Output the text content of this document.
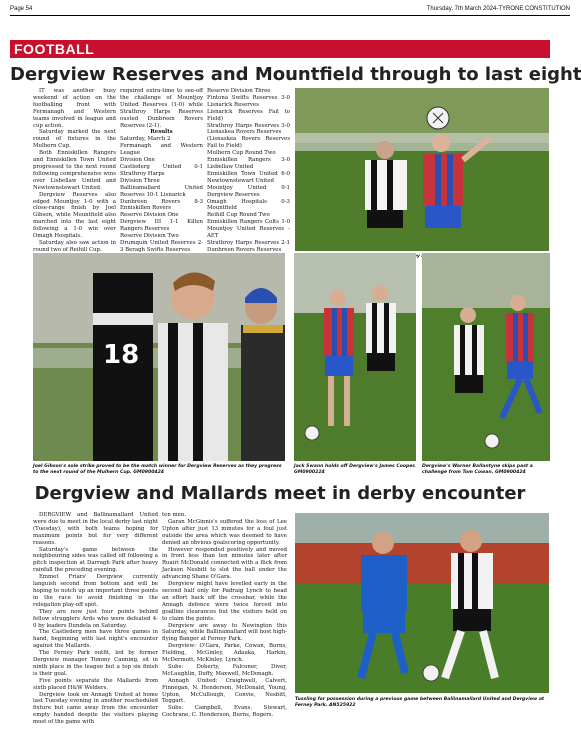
Page 54	Thursday, 7th March 2024-TYRONE CONSTITUTION
FOOTBALL
Dergview Reserves and Mountfield through to last eight

IT was another busy weekend of action on the footballing front with Fermanagh and Western teams involved in league and cup action.

Saturday marked the next round of fixtures in the Mulhern Cup.

Both Enniskillen Rangers and Enniskillen Town United progressed to the next round following comprehensive wins over Lisbellaw United and Newtownstewart United.

Dergview Reserves also edged Mountjoy 1-0 with a close-range finish by Joel Gibson, while Mountfield also marched into the last eight following a 1-0 win over Omagh Hospitals.

Saturday also saw action in round two of Reihill Cup.

required extra-time to see-off the challenge of Mountjoy United Reserves (1-0) while Strathroy Harps Reserves ousted Dunbreen Rovers Reserves (2-1).

Results

Saturday, March 2

Fermanagh and Western League

Division One

Castlederg United 0-1 Strathroy Harps

Division Three

Ballinamallard United Reserves 10-1 Lisnarick

Dunbreen Rovers 8-3 Enniskillen Rovers

Reserve Division One

Dergview III 1-1 Killen Rangers Reserves

Reserve Division Two

Drumquin United Reserves 2-3 Beragh Swifts Reserves

Reserve Division Three

Fintona Swifts Reserves 3-0 Lisnarick Reserves

Lisnarick Reserves Fail to Field)

Strathroy Harps Reserves 3-0 Lisnaskea Rovers Reserves

(Lisnaskea Rovers Reserves Fail to Field)

Mulhern Cup Round Two

Enniskillen Rangers 3-0 Lisbellaw United

Enniskillen Town United 6-0 Newtownstewart United

Mountjoy United 0-1 Dergview Reserves

Omagh Hospitals 0-3 Mountfield

Reihill Cup Round Two

Enniskillen Rangers Colts 1-0 Mountjoy United Reserves - AET

Strathroy Harps Reserves 2-1 Dunbreen Rovers Reserves

18
Joel Gibson's sole strike proved to be the match winner for Dergview Reserves as they progress to the next round of the Mulhern Cup. GM0900424
Jack Swann holds off Dergview's James Cooper. GM0900224
Dergview's Warner Ballantyne skips past a challenge from Tom Cowan. GM0900424
Dergview and Mallards meet in derby encounter

DERGVIEW and Ballinamallard United were due to meet in the local derby last night (Tuesday), with both teams hoping for maximum points but for very different reasons.

Saturday's game between the neighbouring sides was called off following a pitch inspection at Darragh Park after heavy rainfall the preceding evening.

Emmet Friars' Dergview currently languish second from bottom and will be hoping to notch up an important three points in the race to avoid finishing in the relegation play-off spot.

They are now just four points behind fellow strugglers Ards who were defeated 4-0 by leaders Dundela on Saturday.

The Castlederg men have three games in hand, beginning with last night's encounter against the Mallards.

The Ferney Park outfit, led by former Dergview manager Tommy Canning, sit in ninth place in the league but a top six finish is their goal.

Five points separate the Mallards from sixth placed H&W Welders.

Dergview took on Annagh United at home last Tuesday evening in another rescheduled fixture but came away from the encounter empty handed despite the visitors playing most of the game with

ten men.

Garan McGinnis's suffered the loss of Lee Upton after just 13 minutes for a foul just outside the area which was deemed to have denied an obvious goalscoring opportunity.

However responded positively and moved in front less than ten minutes later after Ruairi McDonald connected with a flick from Jackson Nesbitt to slot the ball under the advancing Shane O'Gara.

Dergview might have levelled early in the second half only for Padraig Lynch to head an effort back off the crossbar, while the Annagh defence were twice forced into goalline clearances but the visitors held on to claim the points.

Dergview are away to Newington this Saturday, while Ballinamallard will host high-flying Banger at Ferney Park.

Dergview: O'Gara, Parke, Cowan, Burns, Fielding, McGinley, Adauka, Harkin, McDermott, McKinley, Lynch.

Subs: Doherty, Falconer, Diver, McLaughlin, Duffy, Maxwell, McDonagh.

Annagh United: Craighwell, Calvert, Finnegan, N. Henderson, McDonald, Young, Upton, McCullough, Convie, Nesbitt, Teggart.

Subs: Campbell, Evans, Stewart, Cochrane, C. Henderson, Burns, Rogers.

Tussling for possession during a previous game between Ballinamallard United and Dergview at Ferney Park. AN525922
